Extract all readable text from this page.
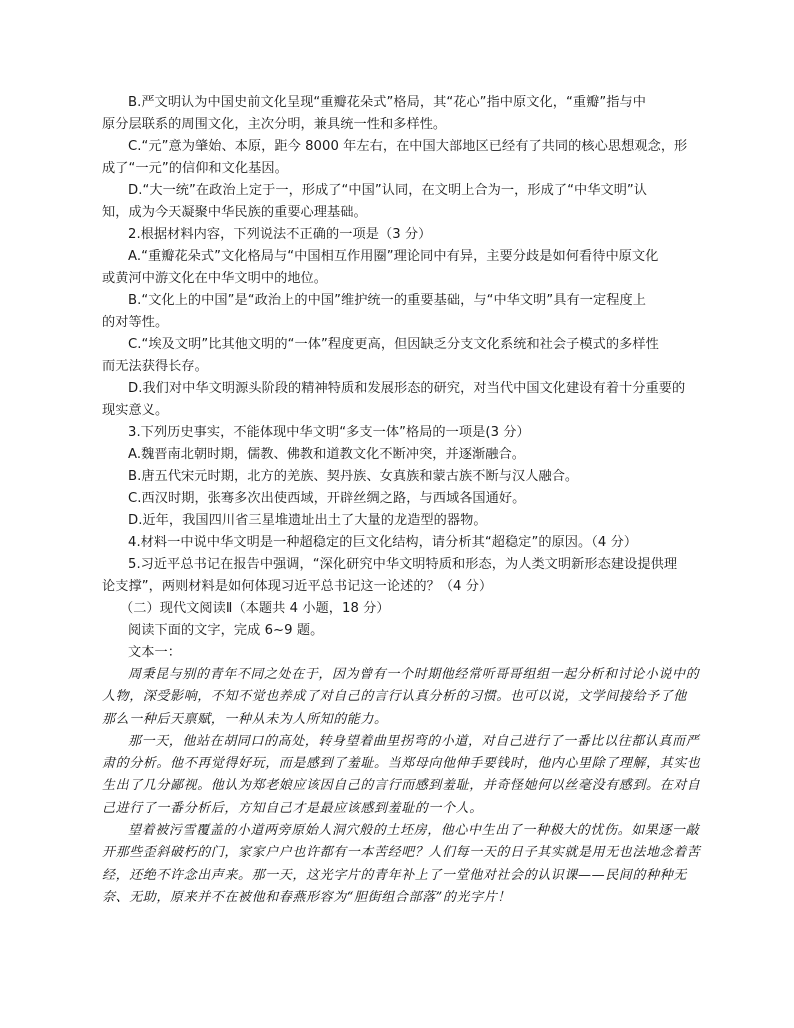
B.严文明认为中国史前文化呈现“重瓣花朵式”格局，其“花心”指中原文化，“重瓣”指与中
原分层联系的周围文化，主次分明，兼具统一性和多样性。
C.“元”意为肇始、本原，距今 8000 年左右，在中国大部地区已经有了共同的核心思想观念，形
成了“一元”的信仰和文化基因。
D.“大一统”在政治上定于一，形成了“中国”认同，在文明上合为一，形成了“中华文明”认
知，成为今天凝聚中华民族的重要心理基础。
2.根据材料内容，下列说法不正确的一项是（3 分）
A.“重瓣花朵式”文化格局与“中国相互作用圈”理论同中有异，主要分歧是如何看待中原文化
或黄河中游文化在中华文明中的地位。
B.“文化上的中国”是“政治上的中国”维护统一的重要基础，与“中华文明”具有一定程度上
的对等性。
C.“埃及文明”比其他文明的“一体”程度更高，但因缺乏分支文化系统和社会子模式的多样性
而无法获得长存。
D.我们对中华文明源头阶段的精神特质和发展形态的研究，对当代中国文化建设有着十分重要的
现实意义。
3.下列历史事实，不能体现中华文明“多支一体”格局的一项是(3 分）
A.魏晋南北朝时期，儒教、佛教和道教文化不断冲突，并逐渐融合。
B.唐五代宋元时期，北方的羌族、契丹族、女真族和蒙古族不断与汉人融合。
C.西汉时期，张骞多次出使西域，开辟丝绸之路，与西域各国通好。
D.近年，我国四川省三星堆遗址出土了大量的龙造型的器物。
4.材料一中说中华文明是一种超稳定的巨文化结构，请分析其“超稳定”的原因。（4 分）
5.习近平总书记在报告中强调，“深化研究中华文明特质和形态，为人类文明新形态建设提供理
论支撑”，两则材料是如何体现习近平总书记这一论述的？（4 分）
（二）现代文阅读Ⅱ（本题共 4 小题，18 分）
阅读下面的文字，完成 6~9 题。
文本一：
周秉昆与别的青年不同之处在于，因为曾有一个时期他经常听哥哥组组一起分析和讨论小说中的
人物，深受影响，不知不觉也养成了对自己的言行认真分析的习惯。也可以说，文学间接给予了他
那么一种后天禀赋，一种从未为人所知的能力。
那一天，他站在胡同口的高处，转身望着曲里拐弯的小道，对自己进行了一番比以往都认真而严
肃的分析。他不再觉得好玩，而是感到了羞耻。当郑母向他伸手要钱时，他内心里除了理解，其实也
生出了几分鄙视。他认为郑老娘应该因自己的言行而感到羞耻，并奇怪她何以丝毫没有感到。在对自
己进行了一番分析后，方知自己才是最应该感到羞耻的一个人。
望着被污雪覆盖的小道两旁原始人洞穴般的土坯房，他心中生出了一种极大的忧伤。如果逐一敲
开那些歪斜破朽的门，家家户户也许都有一本苦经吧？人们每一天的日子其实就是用无也法地念着苦
经，还绝不许念出声来。那一天，这光字片的青年补上了一堂他对社会的认识课——民间的种种无
奈、无助，原来并不在被他和春燕形容为“胆街组合部落”的光字片！
